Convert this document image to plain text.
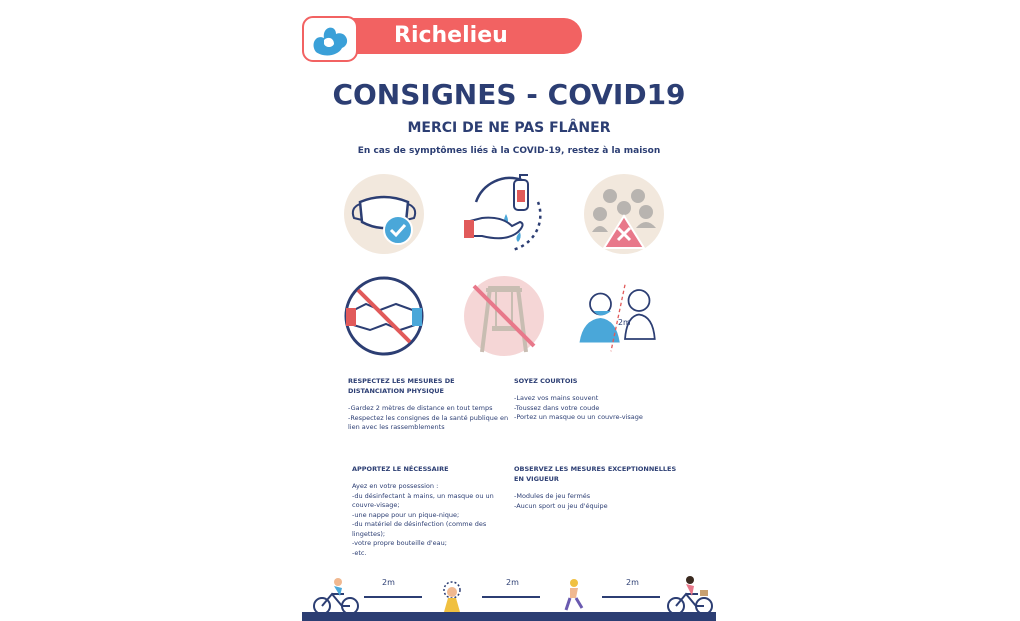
Richelieu
CONSIGNES - COVID19
MERCI DE NE PAS FLÂNER
En cas de symptômes liés à la COVID-19, restez à la maison
2m
RESPECTEZ LES MESURES DE DISTANCIATION PHYSIQUE
-Gardez 2 mètres de distance en tout temps
-Respectez les consignes de la santé publique en lien avec les rassemblements
SOYEZ COURTOIS
-Lavez vos mains souvent
-Toussez dans votre coude
-Portez un masque ou un couvre-visage
APPORTEZ LE NÉCESSAIRE
Ayez en votre possession :
-du désinfectant à mains, un masque ou un couvre-visage;
-une nappe pour un pique-nique;
-du matériel de désinfection (comme des lingettes);
-votre propre bouteille d'eau;
-etc.
OBSERVEZ LES MESURES EXCEPTIONNELLES EN VIGUEUR
-Modules de jeu fermés
-Aucun sport ou jeu d'équipe
2m	2m	2m
